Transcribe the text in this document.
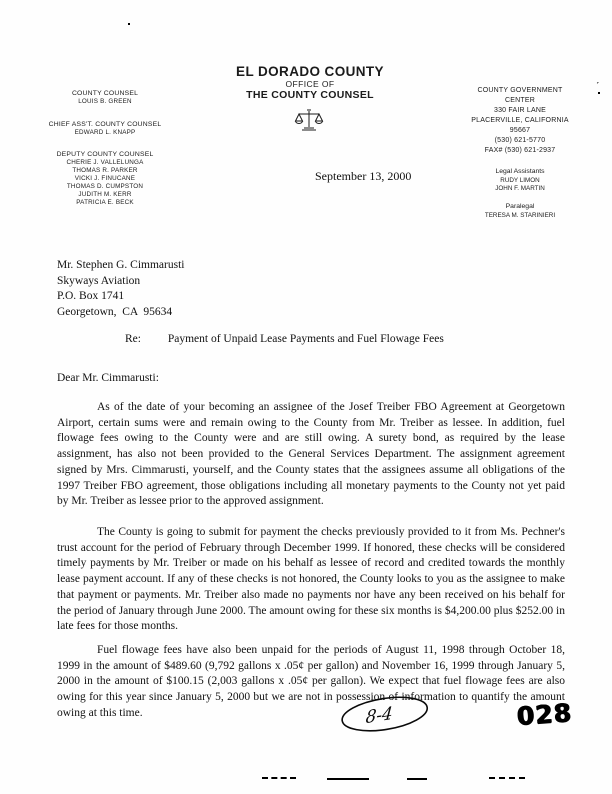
EL DORADO COUNTY
OFFICE OF
THE COUNTY COUNSEL
COUNTY COUNSEL
LOUIS B. GREEN
CHIEF ASS'T. COUNTY COUNSEL
EDWARD L. KNAPP
DEPUTY COUNTY COUNSEL
CHERIE J. VALLELUNGA
THOMAS R. PARKER
VICKI J. FINUCANE
THOMAS D. CUMPSTON
JUDITH M. KERR
PATRICIA E. BECK
COUNTY GOVERNMENT
CENTER
330 FAIR LANE
PLACERVILLE, CALIFORNIA
95667
(530) 621-5770
FAX# (530) 621-2937
Legal Assistants
RUDY LIMON
JOHN F. MARTIN
Paralegal
TERESA M. STARINIERI
September 13, 2000
Mr. Stephen G. Cimmarusti
Skyways Aviation
P.O. Box 1741
Georgetown,  CA  95634
Re: Payment of Unpaid Lease Payments and Fuel Flowage Fees
Dear Mr. Cimmarusti:
As of the date of your becoming an assignee of the Josef Treiber FBO Agreement at Georgetown Airport, certain sums were and remain owing to the County from Mr. Treiber as lessee. In addition, fuel flowage fees owing to the County were and are still owing. A surety bond, as required by the lease assignment, has also not been provided to the General Services Department. The assignment agreement signed by Mrs. Cimmarusti, yourself, and the County states that the assignees assume all obligations of the 1997 Treiber FBO agreement, those obligations including all monetary payments to the County not yet paid by Mr. Treiber as lessee prior to the approved assignment.
The County is going to submit for payment the checks previously provided to it from Ms. Pechner's trust account for the period of February through December 1999. If honored, these checks will be considered timely payments by Mr. Treiber or made on his behalf as lessee of record and credited towards the monthly lease payment account. If any of these checks is not honored, the County looks to you as the assignee to make that payment or payments. Mr. Treiber also made no payments nor have any been received on his behalf for the period of January through June 2000. The amount owing for these six months is $4,200.00 plus $252.00 in late fees for those months.
Fuel flowage fees have also been unpaid for the periods of August 11, 1998 through October 18, 1999 in the amount of $489.60 (9,792 gallons x .05¢ per gallon) and November 16, 1999 through January 5, 2000 in the amount of $100.15 (2,003 gallons x .05¢ per gallon). We expect that fuel flowage fees are also owing for this year since January 5, 2000 but we are not in possession of information to quantify the amount owing at this time.	8-4	028
⌜
